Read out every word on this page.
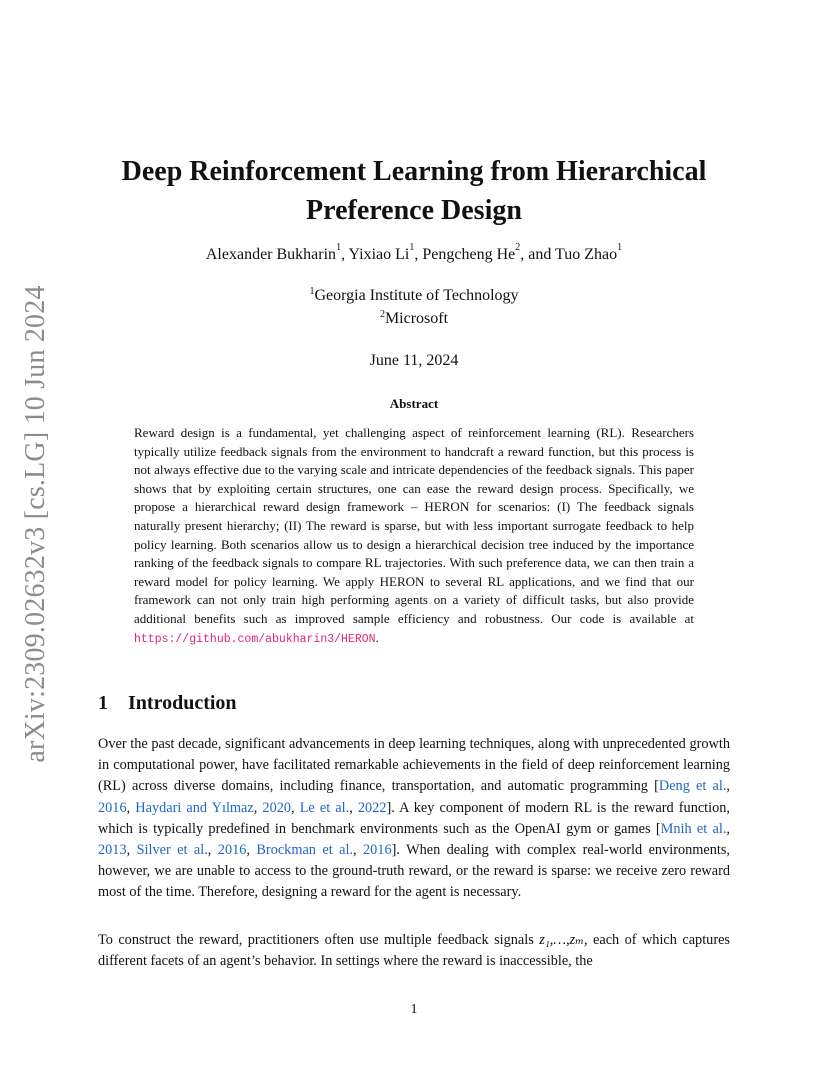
arXiv:2309.02632v3 [cs.LG] 10 Jun 2024
Deep Reinforcement Learning from Hierarchical Preference Design
Alexander Bukharin$^1$, Yixiao Li$^1$, Pengcheng He$^2$, and Tuo Zhao$^1$
$^1$Georgia Institute of Technology
$^2$Microsoft
June 11, 2024
Abstract

Reward design is a fundamental, yet challenging aspect of reinforcement learning (RL). Researchers typically utilize feedback signals from the environment to handcraft a reward function, but this process is not always effective due to the varying scale and intricate dependencies of the feedback signals. This paper shows that by exploiting certain structures, one can ease the reward design process. Specifically, we propose a hierarchical reward design framework – HERON for scenarios: (I) The feedback signals naturally present hierarchy; (II) The reward is sparse, but with less important surrogate feedback to help policy learning. Both scenarios allow us to design a hierarchical decision tree induced by the importance ranking of the feedback signals to compare RL trajectories. With such preference data, we can then train a reward model for policy learning. We apply HERON to several RL applications, and we find that our framework can not only train high performing agents on a variety of difficult tasks, but also provide additional benefits such as improved sample efficiency and robustness. Our code is available at https://github.com/abukharin3/HERON.

1 Introduction

Over the past decade, significant advancements in deep learning techniques, along with unprecedented growth in computational power, have facilitated remarkable achievements in the field of deep reinforcement learning (RL) across diverse domains, including finance, transportation, and automatic programming [Deng et al., 2016, Haydari and Yılmaz, 2020, Le et al., 2022]. A key component of modern RL is the reward function, which is typically predefined in benchmark environments such as the OpenAI gym or games [Mnih et al., 2013, Silver et al., 2016, Brockman et al., 2016]. When dealing with complex real-world environments, however, we are unable to access to the ground-truth reward, or the reward is sparse: we receive zero reward most of the time. Therefore, designing a reward for the agent is necessary.

To construct the reward, practitioners often use multiple feedback signals z₁,…,zₘ, each of which captures different facets of an agent’s behavior. In settings where the reward is inaccessible, the

1
